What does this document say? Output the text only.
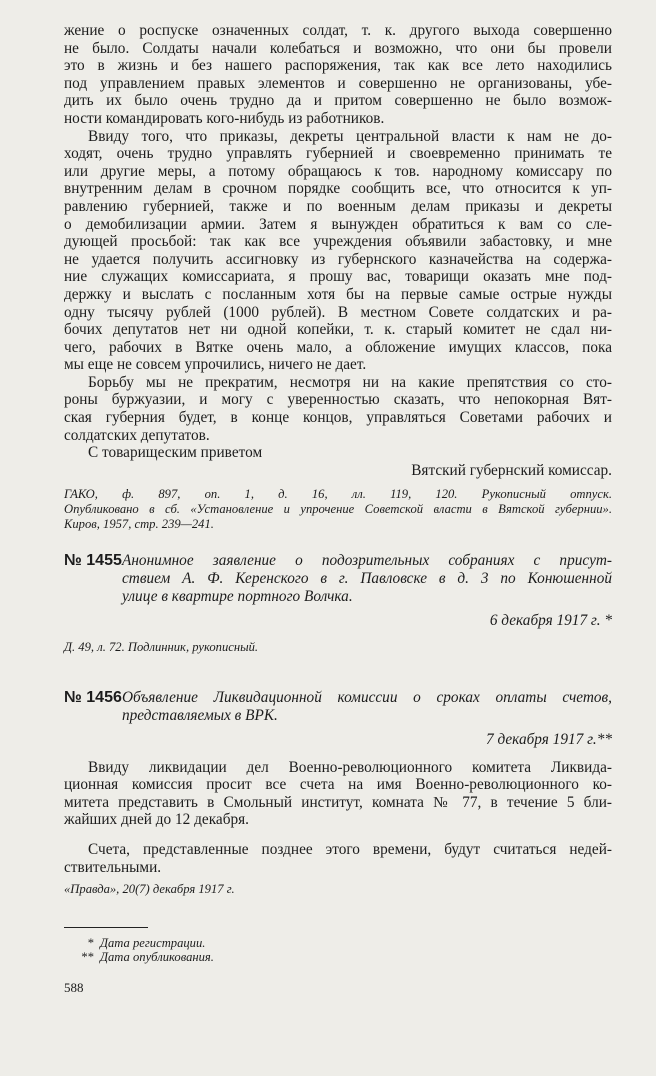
жение о роспуске означенных солдат, т. к. другого выхода совершенно
не было. Солдаты начали колебаться и возможно, что они бы провели
это в жизнь и без нашего распоряжения, так как все лето находились
под управлением правых элементов и совершенно не организованы, убе-
дить их было очень трудно да и притом совершенно не было возмож-
ности командировать кого-нибудь из работников.

Ввиду того, что приказы, декреты центральной власти к нам не до-
ходят, очень трудно управлять губернией и своевременно принимать те
или другие меры, а потому обращаюсь к тов. народному комиссару по
внутренним делам в срочном порядке сообщить все, что относится к уп-
равлению губернией, также и по военным делам приказы и декреты
о демобилизации армии. Затем я вынужден обратиться к вам со сле-
дующей просьбой: так как все учреждения объявили забастовку, и мне
не удается получить ассигновку из губернского казначейства на содержа-
ние служащих комиссариата, я прошу вас, товарищи оказать мне под-
держку и выслать с посланным хотя бы на первые самые острые нужды
одну тысячу рублей (1000 рублей). В местном Совете солдатских и ра-
бочих депутатов нет ни одной копейки, т. к. старый комитет не сдал ни-
чего, рабочих в Вятке очень мало, а обложение имущих классов, пока
мы еще не совсем упрочились, ничего не дает.

Борьбу мы не прекратим, несмотря ни на какие препятствия со сто-
роны буржуазии, и могу с уверенностью сказать, что непокорная Вят-
ская губерния будет, в конце концов, управляться Советами рабочих и
солдатских депутатов.

С товарищеским приветом
Вятский губернский комиссар.

ГАКО, ф. 897, оп. 1, д. 16, лл. 119, 120. Рукописный отпуск.
Опубликовано в сб. «Установление и упрочение Советской власти в Вятской губернии».
Киров, 1957, стр. 239—241.

№ 1455 Анонимное заявление о подозрительных собраниях с присут-
ствием А. Ф. Керенского в г. Павловске в д. 3 по Конюшенной
улице в квартире портного Волчка.
6 декабря 1917 г. *

Д. 49, л. 72. Подлинник, рукописный.

№ 1456 Объявление Ликвидационной комиссии о сроках оплаты счетов,
представляемых в ВРК.
7 декабря 1917 г.**

Ввиду ликвидации дел Военно-революционного комитета Ликвида-
ционная комиссия просит все счета на имя Военно-революционного ко-
митета представить в Смольный институт, комната № 77, в течение 5 бли-
жайших дней до 12 декабря.

Счета, представленные позднее этого времени, будут считаться недей-
ствительными.

«Правда», 20(7) декабря 1917 г.

* Дата регистрации.

** Дата опубликования.

588
